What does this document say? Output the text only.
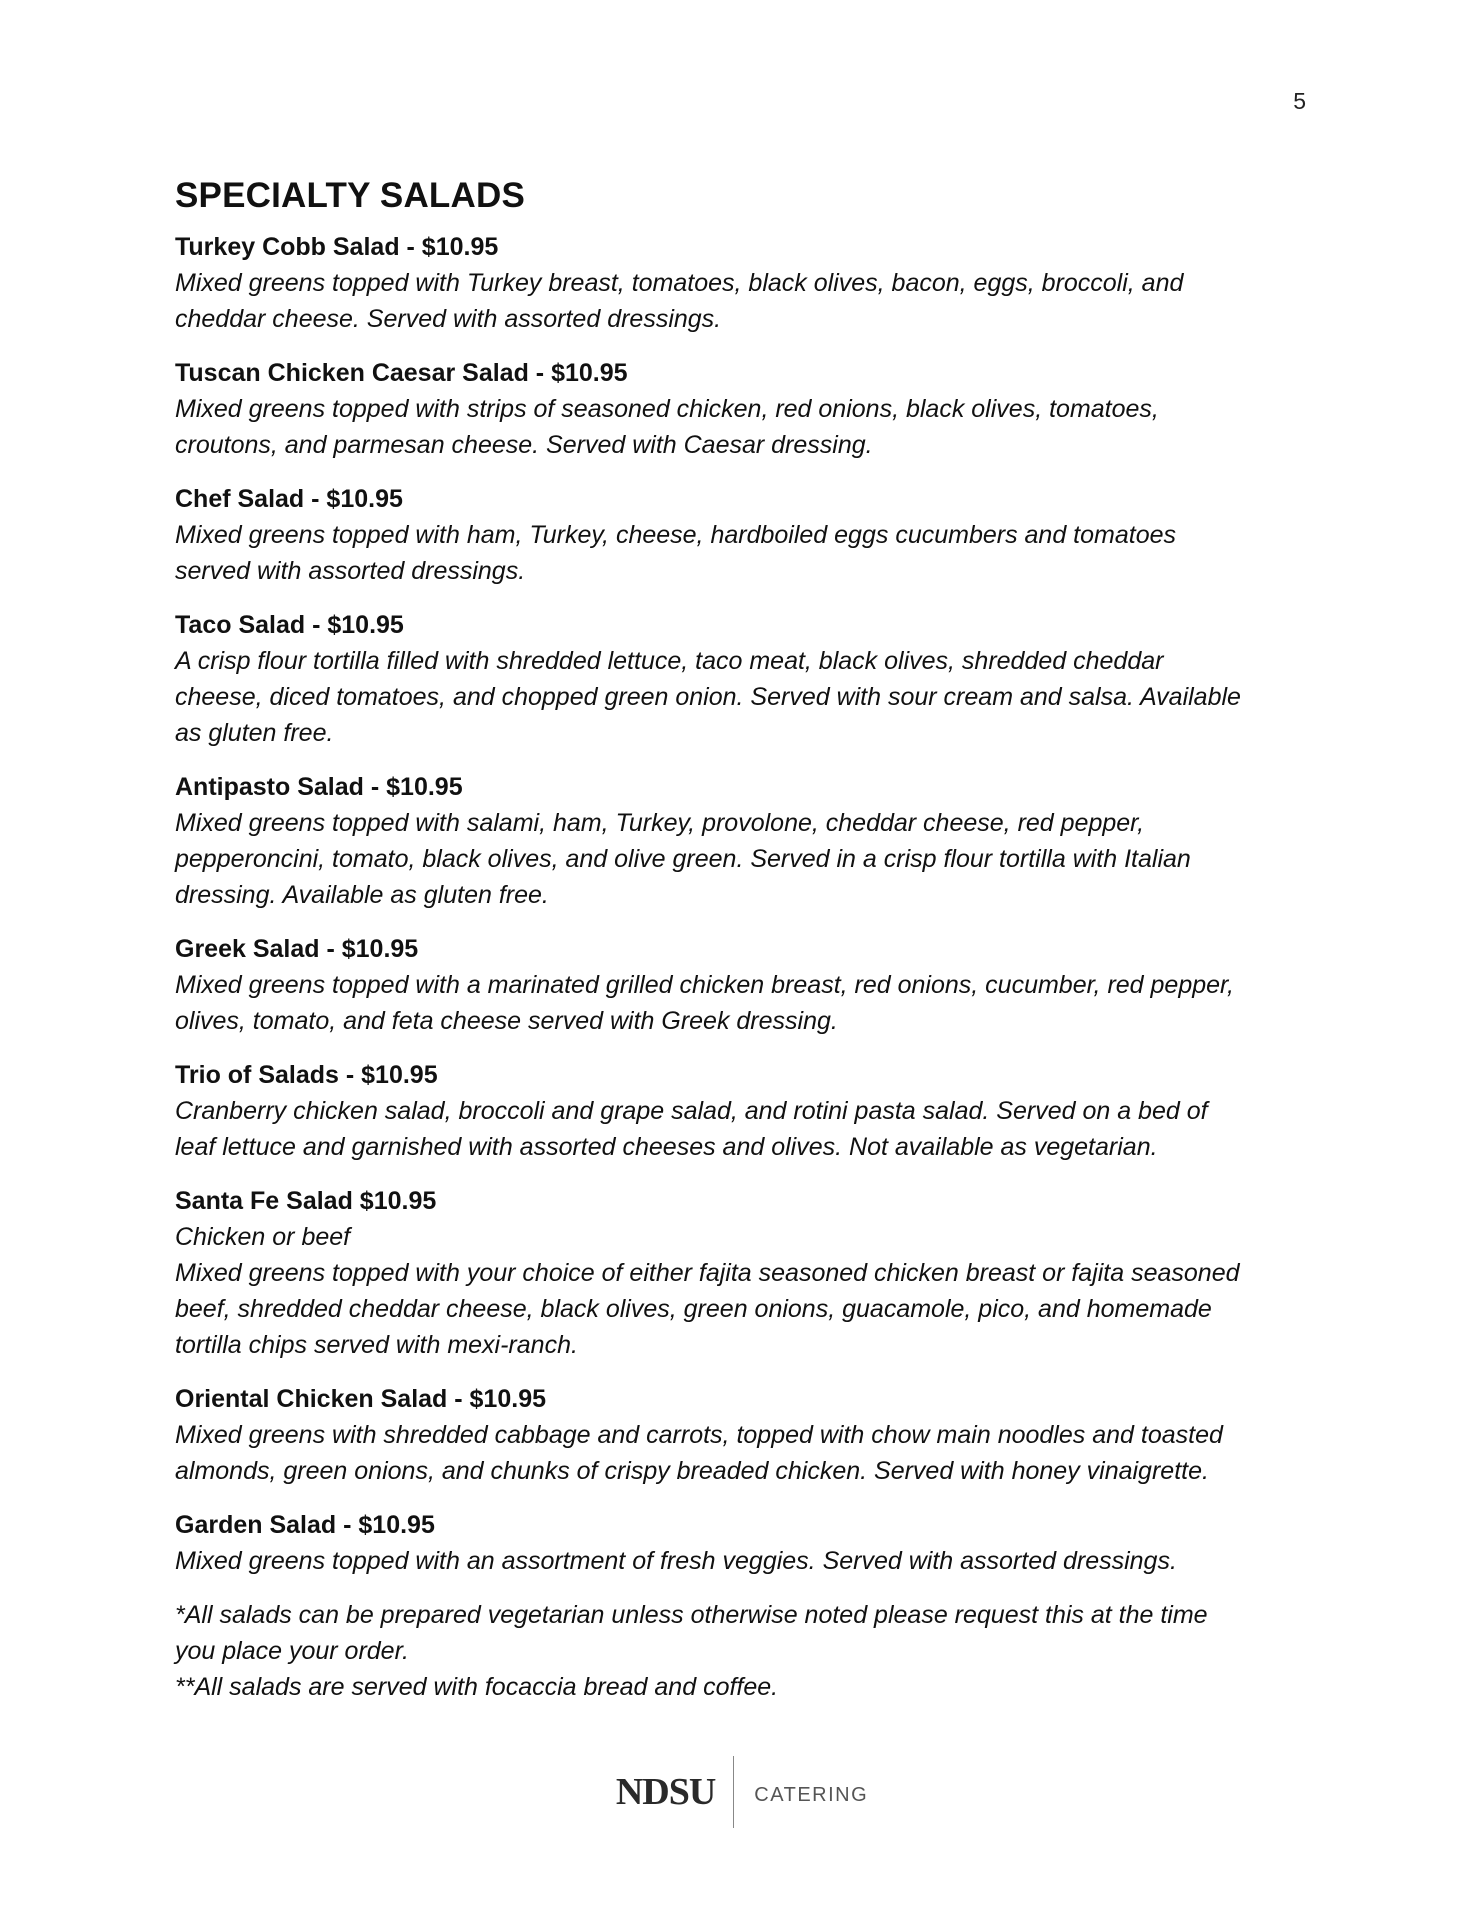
5
SPECIALTY SALADS
Turkey Cobb Salad - $10.95
Mixed greens topped with Turkey breast, tomatoes, black olives, bacon, eggs, broccoli, and
cheddar cheese. Served with assorted dressings.
Tuscan Chicken Caesar Salad - $10.95
Mixed greens topped with strips of seasoned chicken, red onions, black olives, tomatoes,
croutons, and parmesan cheese. Served with Caesar dressing.
Chef Salad - $10.95
Mixed greens topped with ham, Turkey, cheese, hardboiled eggs cucumbers and tomatoes
served with assorted dressings.
Taco Salad - $10.95
A crisp flour tortilla filled with shredded lettuce, taco meat, black olives, shredded cheddar
cheese, diced tomatoes, and chopped green onion. Served with sour cream and salsa. Available
as gluten free.
Antipasto Salad - $10.95
Mixed greens topped with salami, ham, Turkey, provolone, cheddar cheese, red pepper,
pepperoncini, tomato, black olives, and olive green. Served in a crisp flour tortilla with Italian
dressing. Available as gluten free.
Greek Salad - $10.95
Mixed greens topped with a marinated grilled chicken breast, red onions, cucumber, red pepper,
olives, tomato, and feta cheese served with Greek dressing.
Trio of Salads - $10.95
Cranberry chicken salad, broccoli and grape salad, and rotini pasta salad. Served on a bed of
leaf lettuce and garnished with assorted cheeses and olives. Not available as vegetarian.
Santa Fe Salad $10.95
Chicken or beef
Mixed greens topped with your choice of either fajita seasoned chicken breast or fajita seasoned
beef, shredded cheddar cheese, black olives, green onions, guacamole, pico, and homemade
tortilla chips served with mexi-ranch.
Oriental Chicken Salad - $10.95
Mixed greens with shredded cabbage and carrots, topped with chow main noodles and toasted
almonds, green onions, and chunks of crispy breaded chicken. Served with honey vinaigrette.
Garden Salad - $10.95
Mixed greens topped with an assortment of fresh veggies. Served with assorted dressings.
*All salads can be prepared vegetarian unless otherwise noted please request this at the time
you place your order.
**All salads are served with focaccia bread and coffee.
NDSU CATERING
